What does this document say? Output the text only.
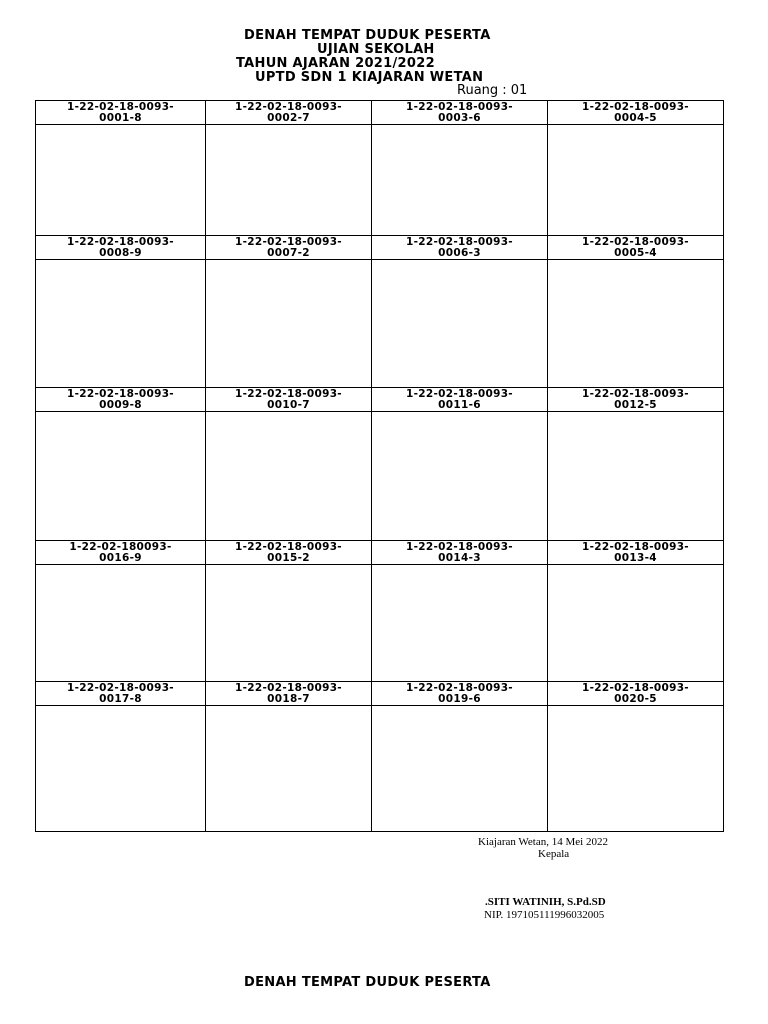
DENAH TEMPAT DUDUK PESERTA
UJIAN SEKOLAH
TAHUN AJARAN 2021/2022
UPTD SDN 1 KIAJARAN WETAN
Ruang : 01
1-22-02-18-0093-
0001-8	1-22-02-18-0093-
0002-7	1-22-02-18-0093-
0003-6	1-22-02-18-0093-
0004-5

1-22-02-18-0093-
0008-9	1-22-02-18-0093-
0007-2	1-22-02-18-0093-
0006-3	1-22-02-18-0093-
0005-4

1-22-02-18-0093-
0009-8	1-22-02-18-0093-
0010-7	1-22-02-18-0093-
0011-6	1-22-02-18-0093-
0012-5

1-22-02-180093-
0016-9	1-22-02-18-0093-
0015-2	1-22-02-18-0093-
0014-3	1-22-02-18-0093-
0013-4

1-22-02-18-0093-
0017-8	1-22-02-18-0093-
0018-7	1-22-02-18-0093-
0019-6	1-22-02-18-0093-
0020-5

Kiajaran Wetan, 14 Mei 2022
Kepala
.SITI WATINIH, S.Pd.SD
NIP. 197105111996032005
DENAH TEMPAT DUDUK PESERTA
